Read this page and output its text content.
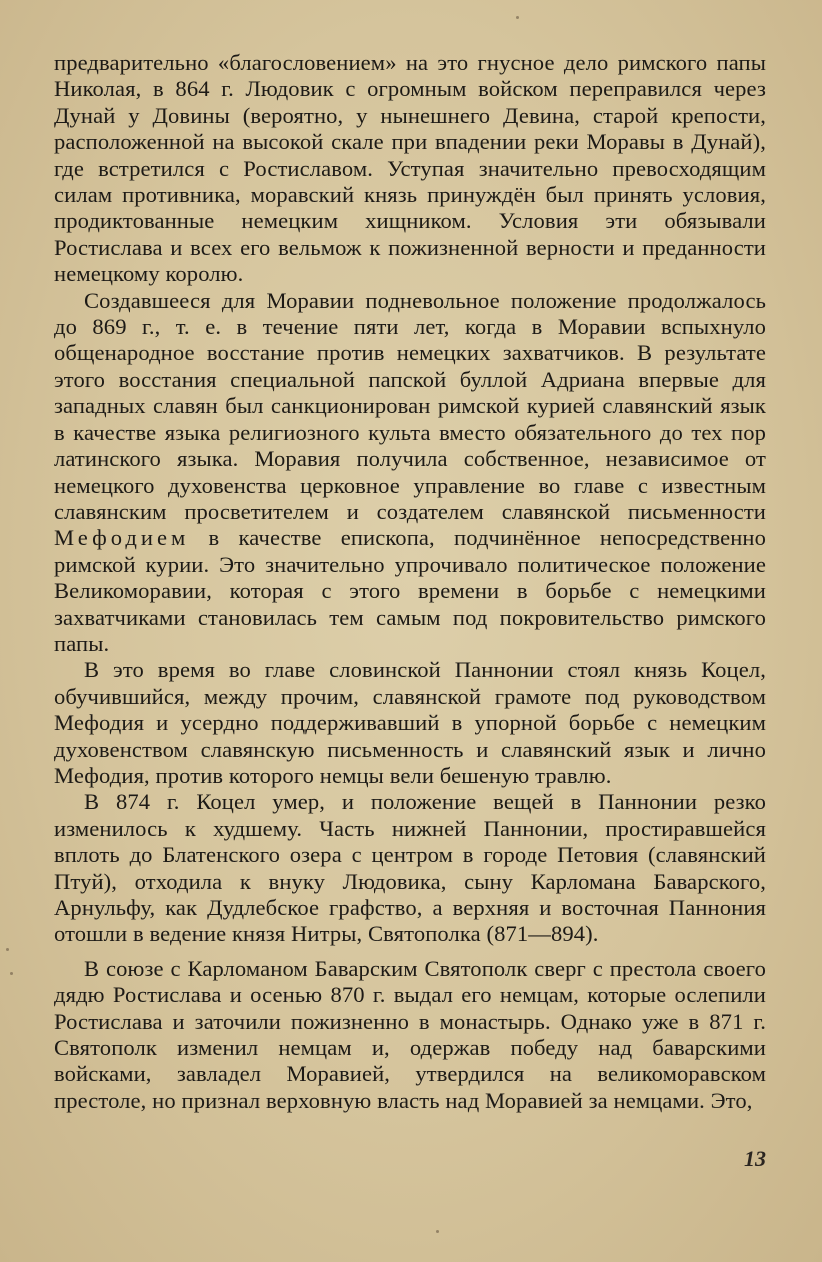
предварительно «благословением» на это гнусное дело римского папы Николая, в 864 г. Людовик с огромным войском переправился через Дунай у Довины (вероятно, у нынешнего Девина, старой крепости, расположенной на высокой скале при впадении реки Моравы в Дунай), где встретился с Ростиславом. Уступая значительно превосходящим силам противника, моравский князь принуждён был принять условия, продиктованные немецким хищником. Условия эти обязывали Ростислава и всех его вельмож к пожизненной верности и преданности немецкому королю.

Создавшееся для Моравии подневольное положение продолжалось до 869 г., т. е. в течение пяти лет, когда в Моравии вспыхнуло общенародное восстание против немецких захватчиков. В результате этого восстания специальной папской буллой Адриана впервые для западных славян был санкционирован римской курией славянский язык в качестве языка религиозного культа вместо обязательного до тех пор латинского языка. Моравия получила собственное, независимое от немецкого духовенства церковное управление во главе с известным славянским просветителем и создателем славянской письменности Мефодием в качестве епископа, подчинённое непосредственно римской курии. Это значительно упрочивало политическое положение Великоморавии, которая с этого времени в борьбе с немецкими захватчиками становилась тем самым под покровительство римского папы.

В это время во главе словинской Паннонии стоял князь Коцел, обучившийся, между прочим, славянской грамоте под руководством Мефодия и усердно поддерживавший в упорной борьбе с немецким духовенством славянскую письменность и славянский язык и лично Мефодия, против которого немцы вели бешеную травлю.

В 874 г. Коцел умер, и положение вещей в Паннонии резко изменилось к худшему. Часть нижней Паннонии, простиравшейся вплоть до Блатенского озера с центром в городе Петовия (славянский Птуй), отходила к внуку Людовика, сыну Карломана Баварского, Арнульфу, как Дудлебское графство, а верхняя и восточная Паннония отошли в ведение князя Нитры, Святополка (871—894).

В союзе с Карломаном Баварским Святополк сверг с престола своего дядю Ростислава и осенью 870 г. выдал его немцам, которые ослепили Ростислава и заточили пожизненно в монастырь. Однако уже в 871 г. Святополк изменил немцам и, одержав победу над баварскими войсками, завладел Моравией, утвердился на великоморавском престоле, но признал верховную власть над Моравией за немцами. Это,

13
